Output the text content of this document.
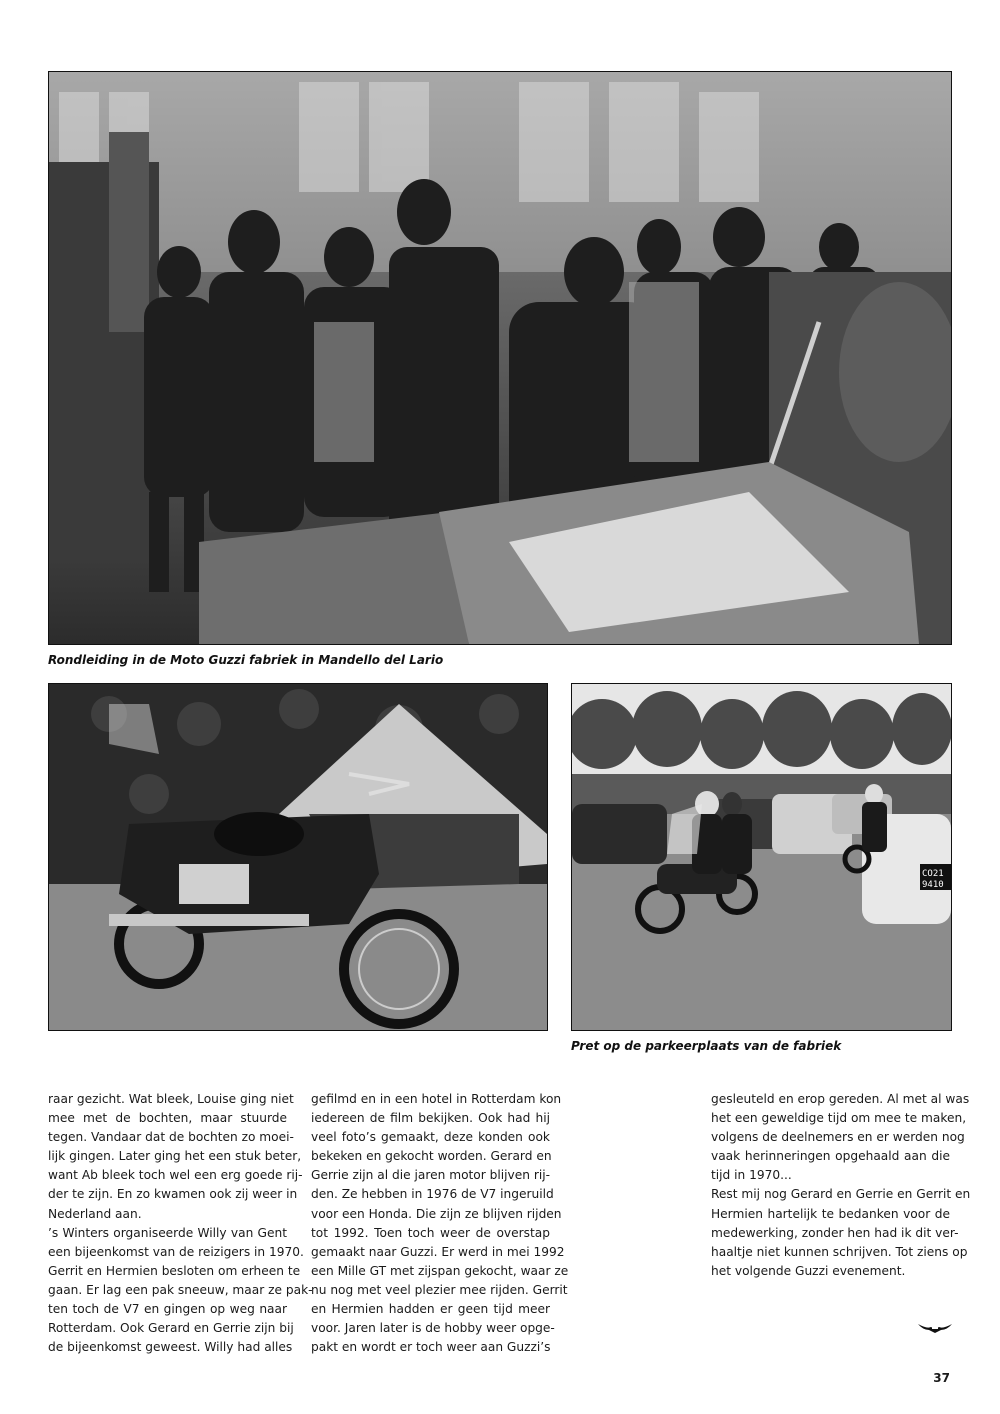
Rondleiding in de Moto Guzzi fabriek in Mandello del Lario
CO21
9410
Pret op de parkeerplaats van de fabriek
raar gezicht. Wat bleek, Louise ging niet
mee met de bochten, maar stuurde
tegen. Vandaar dat de bochten zo moei-
lijk gingen. Later ging het een stuk beter,
want Ab bleek toch wel een erg goede rij-
der te zijn. En zo kwamen ook zij weer in
Nederland aan.
’s Winters organiseerde Willy van Gent
een bijeenkomst van de reizigers in 1970.
Gerrit en Hermien besloten om erheen te
gaan. Er lag een pak sneeuw, maar ze pak-
ten toch de V7 en gingen op weg naar
Rotterdam. Ook Gerard en Gerrie zijn bij
de bijeenkomst geweest. Willy had alles
gefilmd en in een hotel in Rotterdam kon
iedereen de film bekijken. Ook had hij
veel foto’s gemaakt, deze konden ook
bekeken en gekocht worden. Gerard en
Gerrie zijn al die jaren motor blijven rij-
den. Ze hebben in 1976 de V7 ingeruild
voor een Honda. Die zijn ze blijven rijden
tot 1992. Toen toch weer de overstap
gemaakt naar Guzzi. Er werd in mei 1992
een Mille GT met zijspan gekocht, waar ze
nu nog met veel plezier mee rijden. Gerrit
en Hermien hadden er geen tijd meer
voor. Jaren later is de hobby weer opge-
pakt en wordt er toch weer aan Guzzi’s
gesleuteld en erop gereden. Al met al was
het een geweldige tijd om mee te maken,
volgens de deelnemers en er werden nog
vaak herinneringen opgehaald aan die
tijd in 1970...
Rest mij nog Gerard en Gerrie en Gerrit en
Hermien hartelijk te bedanken voor de
medewerking, zonder hen had ik dit ver-
haaltje niet kunnen schrijven. Tot ziens op
het volgende Guzzi evenement.
37
